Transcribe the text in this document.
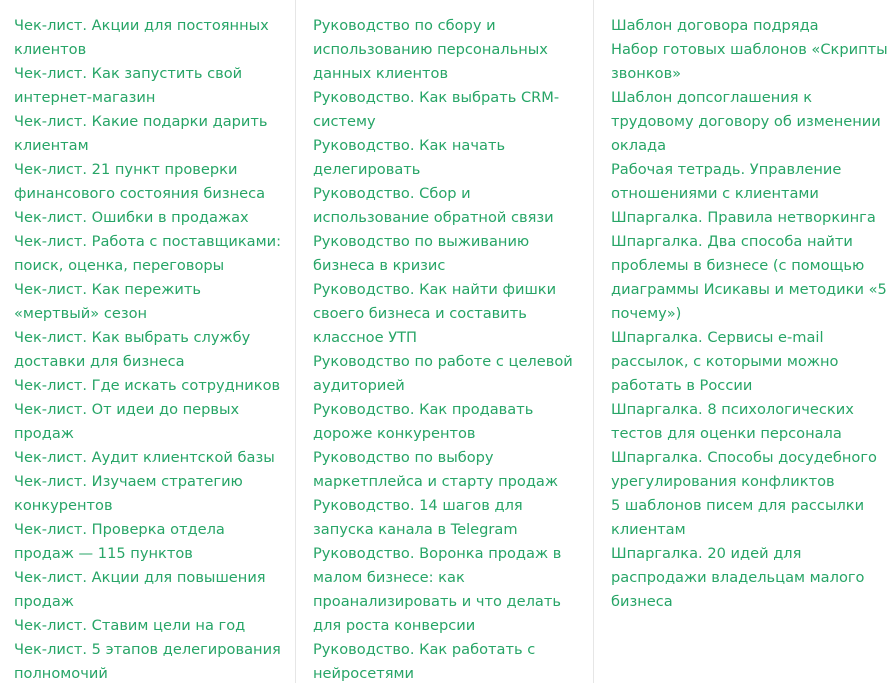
Чек-лист. Акции для постоянных клиентов
Чек-лист. Как запустить свой интернет-магазин
Чек-лист. Какие подарки дарить клиентам
Чек-лист. 21 пункт проверки финансового состояния бизнеса
Чек-лист. Ошибки в продажах
Чек-лист. Работа с поставщиками: поиск, оценка, переговоры
Чек-лист. Как пережить «мертвый» сезон
Чек-лист. Как выбрать службу доставки для бизнеса
Чек-лист. Где искать сотрудников
Чек-лист. От идеи до первых продаж
Чек-лист. Аудит клиентской базы
Чек-лист. Изучаем стратегию конкурентов
Чек-лист. Проверка отдела продаж — 115 пунктов
Чек-лист. Акции для повышения продаж
Чек-лист. Ставим цели на год
Чек-лист. 5 этапов делегирования полномочий
Руководство по сбору и использованию персональных данных клиентов
Руководство. Как выбрать CRM-систему
Руководство. Как начать делегировать
Руководство. Сбор и использование обратной связи
Руководство по выживанию бизнеса в кризис
Руководство. Как найти фишки своего бизнеса и составить классное УТП
Руководство по работе с целевой аудиторией
Руководство. Как продавать дороже конкурентов
Руководство по выбору маркетплейса и старту продаж
Руководство. 14 шагов для запуска канала в Telegram
Руководство. Воронка продаж в малом бизнесе: как проанализировать и что делать для роста конверсии
Руководство. Как работать с нейросетями
Шаблон договора подряда
Набор готовых шаблонов «Скрипты звонков»
Шаблон допсоглашения к трудовому договору об изменении оклада
Рабочая тетрадь. Управление отношениями с клиентами
Шпаргалка. Правила нетворкинга
Шпаргалка. Два способа найти проблемы в бизнесе (с помощью диаграммы Исикавы и методики «5 почему»)
Шпаргалка. Сервисы e-mail рассылок, с которыми можно работать в России
Шпаргалка. 8 психологических тестов для оценки персонала
Шпаргалка. Способы досудебного урегулирования конфликтов
5 шаблонов писем для рассылки клиентам
Шпаргалка. 20 идей для распродажи владельцам малого бизнеса
